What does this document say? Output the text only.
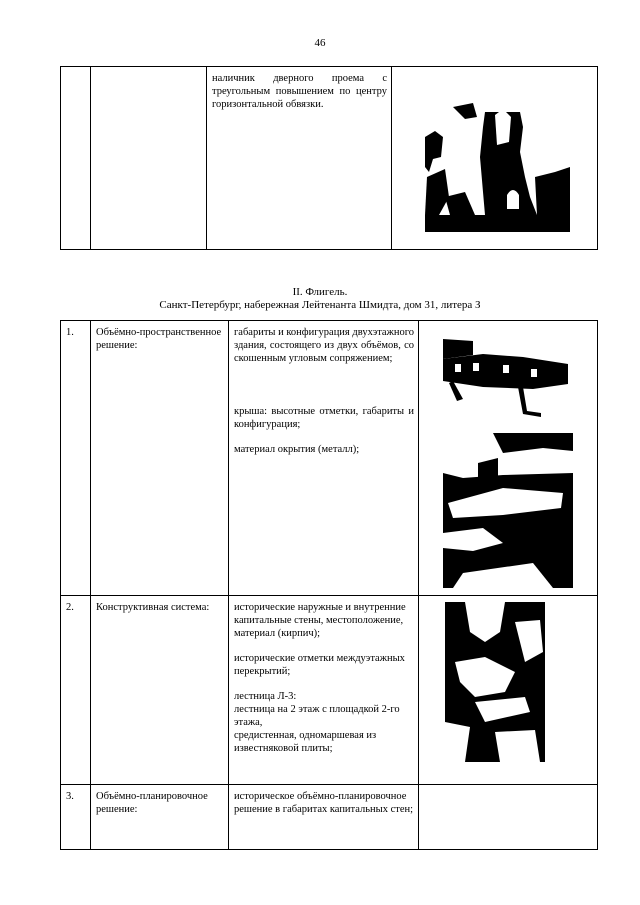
46

наличник дверного проема с треугольным повышением по центру горизонтальной обвязки.

II. Флигель.
Санкт-Петербург, набережная Лейтенанта Шмидта, дом 31, литера З
1.	Объёмно-пространственное решение:	габариты и конфигурация двухэтажного здания, состоящего из двух объёмов, со скошенным угловым сопряжением;
крыша: высотные отметки, габариты и конфигурация;
материал окрытия (металл);

2.	Конструктивная система:	исторические наружные и внутренние капитальные стены, местоположение, материал (кирпич);
исторические отметки междуэтажных перекрытий;
лестница Л-3:
лестница на 2 этаж с площадкой 2-го этажа,
средистенная, одномаршевая из известняковой плиты;

3.	Объёмно-планировочное решение:	историческое объёмно-планировочное решение в габаритах капитальных стен;	
